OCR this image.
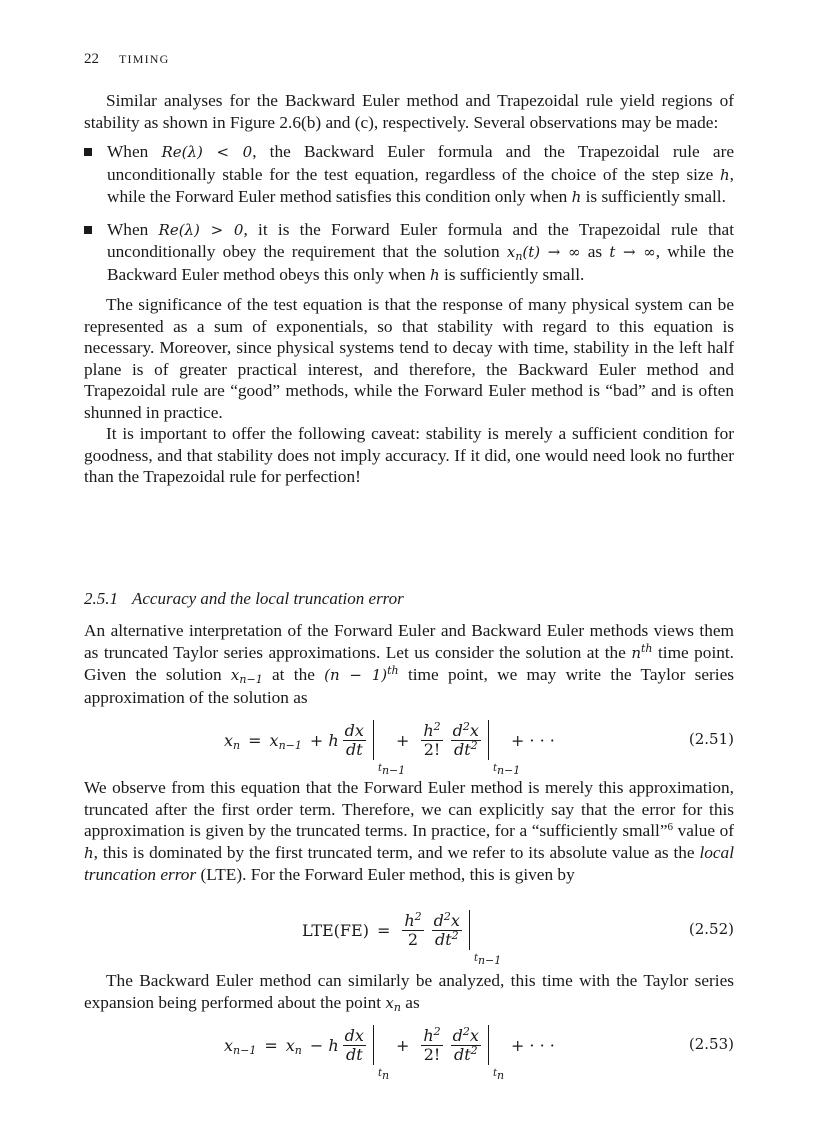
22 TIMING

Similar analyses for the Backward Euler method and Trapezoidal rule yield regions of stability as shown in Figure 2.6(b) and (c), respectively. Several observations may be made:

When Re(λ) < 0, the Backward Euler formula and the Trapezoidal rule are unconditionally stable for the test equation, regardless of the choice of the step size h, while the Forward Euler method satisfies this condition only when h is sufficiently small.

When Re(λ) > 0, it is the Forward Euler formula and the Trapezoidal rule that unconditionally obey the requirement that the solution $x_n(t)$ → ∞ as t → ∞, while the Backward Euler method obeys this only when h is sufficiently small.

The significance of the test equation is that the response of many physical system can be represented as a sum of exponentials, so that stability with regard to this equation is necessary. Moreover, since physical systems tend to decay with time, stability in the left half plane is of greater practical interest, and therefore, the Backward Euler method and Trapezoidal rule are “good” methods, while the Forward Euler method is “bad” and is often shunned in practice.

It is important to offer the following caveat: stability is merely a sufficient condition for goodness, and that stability does not imply accuracy. If it did, one would need look no further than the Trapezoidal rule for perfection!

2.5.1 Accuracy and the local truncation error

An alternative interpretation of the Forward Euler and Backward Euler methods views them as truncated Taylor series approximations. Let us consider the solution at the $n^{th}$ time point. Given the solution $x_{n-1}$ at the $(n - 1)^{th}$ time point, we may write the Taylor series approximation of the solution as

$x_n = x_{n-1} + h \frac{dx}{dt}$
$t_{n-1}$
+ $\frac{h^2}{2!} \frac{d^2x}{dt^2}$
$t_{n-1}$
+ · · ·	(2.51)

We observe from this equation that the Forward Euler method is merely this approximation, truncated after the first order term. Therefore, we can explicitly say that the error for this approximation is given by the truncated terms. In practice, for a “sufficiently small”$^6$ value of h, this is dominated by the first truncated term, and we refer to its absolute value as the local truncation error (LTE). For the Forward Euler method, this is given by

$LTE(FE) = \frac{h^2}{2} \frac{d^2x}{dt^2}$
$t_{n-1}$
(2.52)

The Backward Euler method can similarly be analyzed, this time with the Taylor series expansion being performed about the point $x_n$ as

$x_{n-1} = x_n - h \frac{dx}{dt}$
$t_n$
+ $\frac{h^2}{2!} \frac{d^2x}{dt^2}$
$t_n$
+ · · ·	(2.53)
